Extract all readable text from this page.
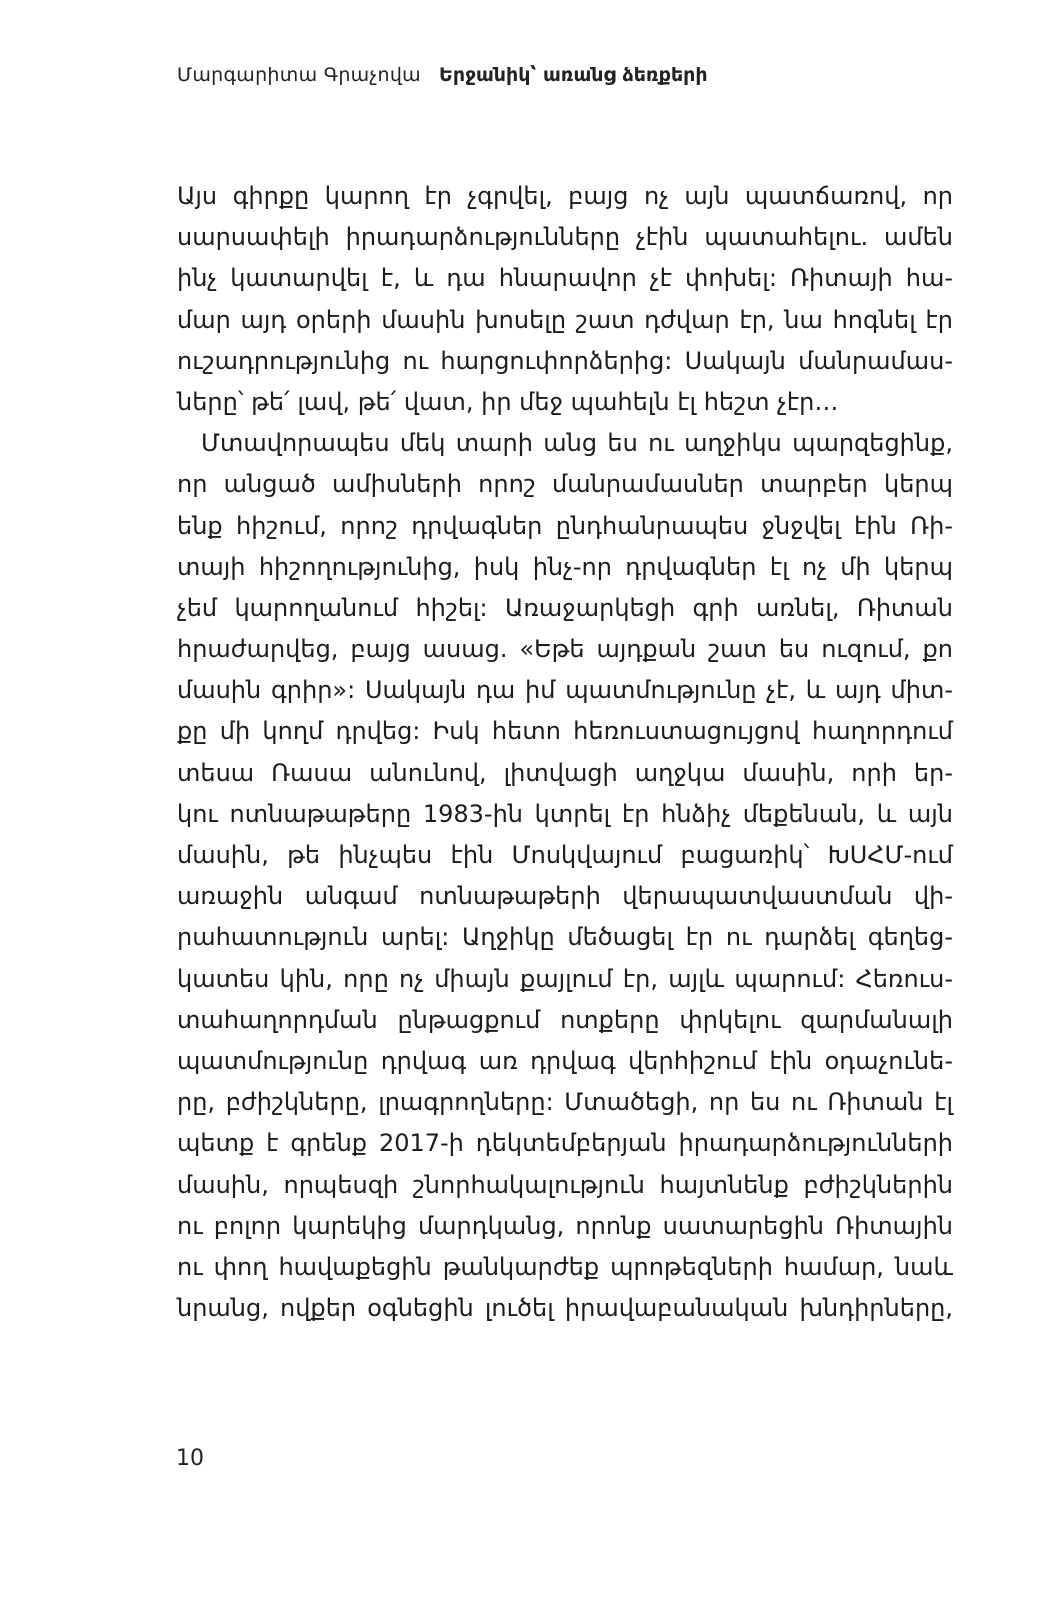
Մարգարիտա Գրաչովա Երջանիկ՝ առանց ձեռքերի
Այս գիրքը կարող էր չգրվել, բայց ոչ այն պատճառով, որ
սարսափելի իրադարձությունները չէին պատահելու. ամեն
ինչ կատարվել է, և դա հնարավոր չէ փոխել: Ռիտայի հա-
մար այդ օրերի մասին խոսելը շատ դժվար էր, նա հոգնել էր
ուշադրությունից ու հարցուփորձերից: Սակայն մանրամաս-
ները՝ թե՛ լավ, թե՛ վատ, իր մեջ պահելն էլ հեշտ չէր…
Մտավորապես մեկ տարի անց ես ու աղջիկս պարզեցինք,
որ անցած ամիսների որոշ մանրամասներ տարբեր կերպ
ենք հիշում, որոշ դրվագներ ընդհանրապես ջնջվել էին Ռի-
տայի հիշողությունից, իսկ ինչ-որ դրվագներ էլ ոչ մի կերպ
չեմ կարողանում հիշել: Առաջարկեցի գրի առնել, Ռիտան
հրաժարվեց, բայց ասաց. «Եթե այդքան շատ ես ուզում, քո
մասին գրիր»: Սակայն դա իմ պատմությունը չէ, և այդ միտ-
քը մի կողմ դրվեց: Իսկ հետո հեռուստացույցով հաղորդում
տեսա Ռասա անունով, լիտվացի աղջկա մասին, որի եր-
կու ոտնաթաթերը 1983-ին կտրել էր հնձիչ մեքենան, և այն
մասին, թե ինչպես էին Մոսկվայում բացառիկ՝ ԽՍՀՄ-ում
առաջին անգամ ոտնաթաթերի վերապատվաստման վի-
րահատություն արել: Աղջիկը մեծացել էր ու դարձել գեղեց-
կատես կին, որը ոչ միայն քայլում էր, այլև պարում: Հեռուս-
տահաղորդման ընթացքում ոտքերը փրկելու զարմանալի
պատմությունը դրվագ առ դրվագ վերհիշում էին օդաչունե-
րը, բժիշկները, լրագրողները: Մտածեցի, որ ես ու Ռիտան էլ
պետք է գրենք 2017-ի դեկտեմբերյան իրադարձությունների
մասին, որպեսզի շնորհակալություն հայտնենք բժիշկներին
ու բոլոր կարեկից մարդկանց, որոնք սատարեցին Ռիտային
ու փող հավաքեցին թանկարժեք պրոթեզների համար, նաև
նրանց, ովքեր օգնեցին լուծել իրավաբանական խնդիրները,
10
